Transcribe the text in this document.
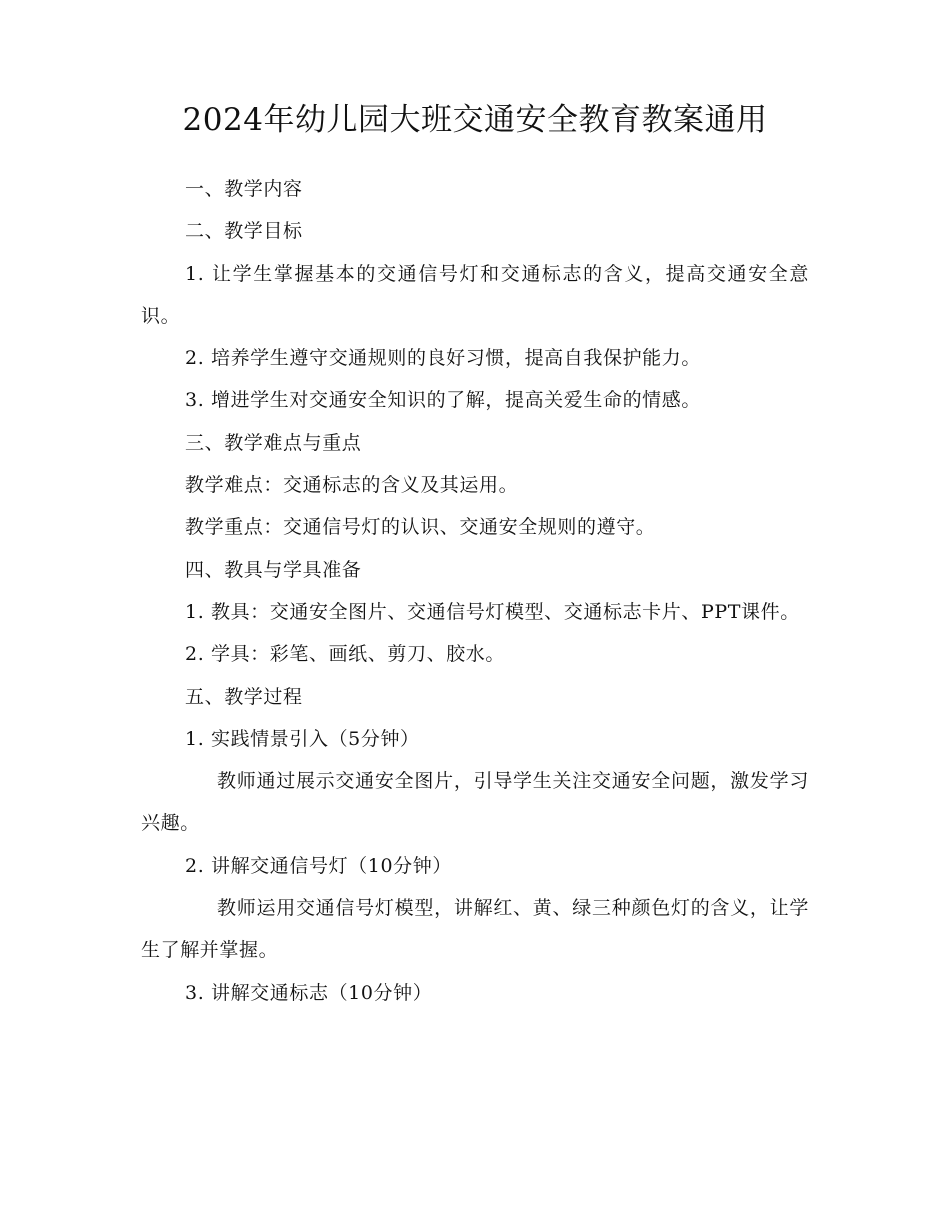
2024年幼儿园大班交通安全教育教案通用

一、教学内容

二、教学目标

1. 让学生掌握基本的交通信号灯和交通标志的含义，提高交通安全意识。

2. 培养学生遵守交通规则的良好习惯，提高自我保护能力。

3. 增进学生对交通安全知识的了解，提高关爱生命的情感。

三、教学难点与重点

教学难点：交通标志的含义及其运用。

教学重点：交通信号灯的认识、交通安全规则的遵守。

四、教具与学具准备

1. 教具：交通安全图片、交通信号灯模型、交通标志卡片、PPT课件。

2. 学具：彩笔、画纸、剪刀、胶水。

五、教学过程

1. 实践情景引入（5分钟）

教师通过展示交通安全图片，引导学生关注交通安全问题，激发学习兴趣。

2. 讲解交通信号灯（10分钟）

教师运用交通信号灯模型，讲解红、黄、绿三种颜色灯的含义，让学生了解并掌握。

3. 讲解交通标志（10分钟）
